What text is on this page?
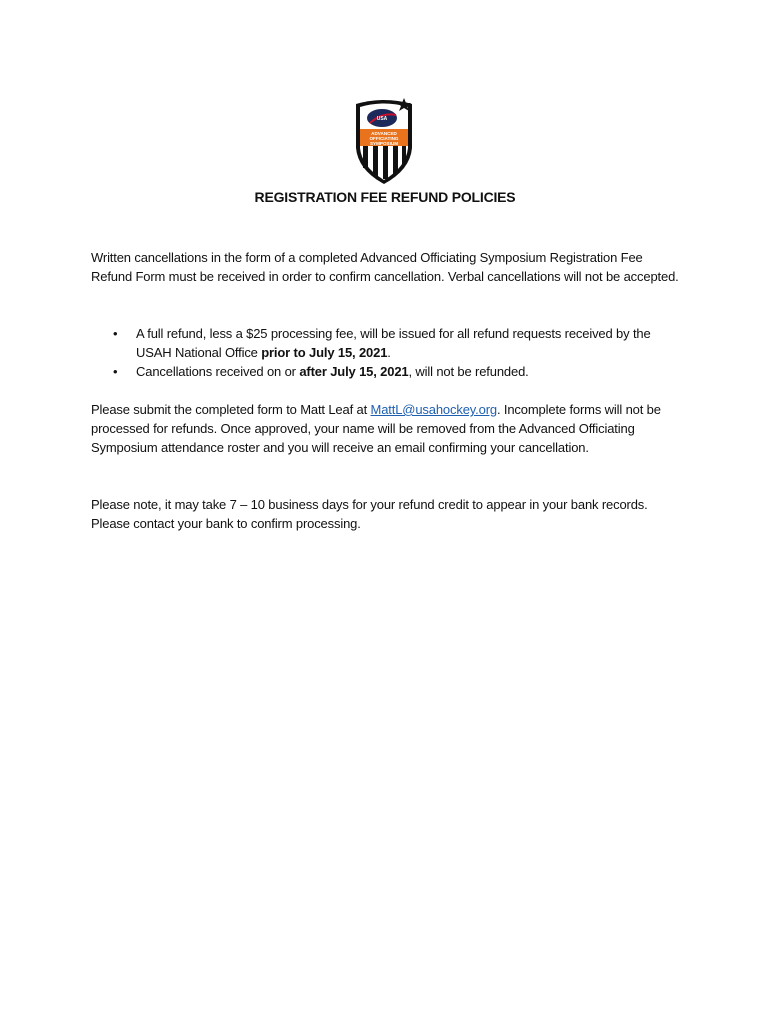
ADVANCED
OFFICIATING
SYMPOSIUM
USA
REGISTRATION FEE REFUND POLICIES
Written cancellations in the form of a completed Advanced Officiating Symposium Registration Fee Refund Form must be received in order to confirm cancellation. Verbal cancellations will not be accepted.
• A full refund, less a $25 processing fee, will be issued for all refund requests received by the USAH National Office prior to July 15, 2021.
• Cancellations received on or after July 15, 2021, will not be refunded.
Please submit the completed form to Matt Leaf at MattL@usahockey.org. Incomplete forms will not be processed for refunds. Once approved, your name will be removed from the Advanced Officiating Symposium attendance roster and you will receive an email confirming your cancellation.
Please note, it may take 7 – 10 business days for your refund credit to appear in your bank records. Please contact your bank to confirm processing.
